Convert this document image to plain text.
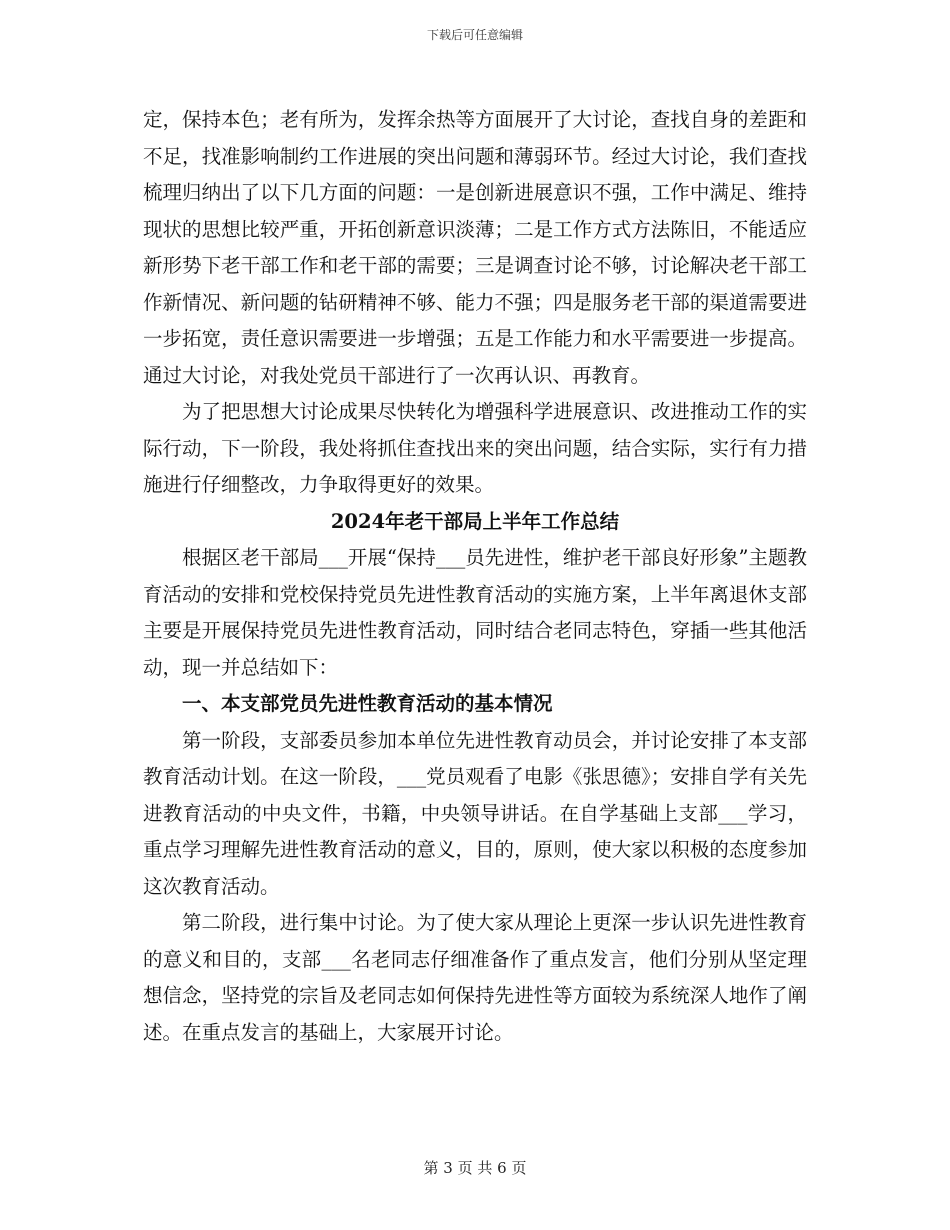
下载后可任意编辑

定，保持本色；老有所为，发挥余热等方面展开了大讨论，查找自身的差距和不足，找准影响制约工作进展的突出问题和薄弱环节。经过大讨论，我们查找梳理归纳出了以下几方面的问题：一是创新进展意识不强，工作中满足、维持现状的思想比较严重，开拓创新意识淡薄；二是工作方式方法陈旧，不能适应新形势下老干部工作和老干部的需要；三是调查讨论不够，讨论解决老干部工作新情况、新问题的钻研精神不够、能力不强；四是服务老干部的渠道需要进一步拓宽，责任意识需要进一步增强；五是工作能力和水平需要进一步提高。通过大讨论，对我处党员干部进行了一次再认识、再教育。

为了把思想大讨论成果尽快转化为增强科学进展意识、改进推动工作的实际行动，下一阶段，我处将抓住查找出来的突出问题，结合实际，实行有力措施进行仔细整改，力争取得更好的效果。

2024年老干部局上半年工作总结

根据区老干部局___开展“保持___员先进性，维护老干部良好形象”主题教育活动的安排和党校保持党员先进性教育活动的实施方案，上半年离退休支部主要是开展保持党员先进性教育活动，同时结合老同志特色，穿插一些其他活动，现一并总结如下：

一、本支部党员先进性教育活动的基本情况

第一阶段，支部委员参加本单位先进性教育动员会，并讨论安排了本支部教育活动计划。在这一阶段，___党员观看了电影《张思德》；安排自学有关先进教育活动的中央文件，书籍，中央领导讲话。在自学基础上支部___学习，重点学习理解先进性教育活动的意义，目的，原则，使大家以积极的态度参加这次教育活动。

第二阶段，进行集中讨论。为了使大家从理论上更深一步认识先进性教育的意义和目的，支部___名老同志仔细准备作了重点发言，他们分别从坚定理想信念，坚持党的宗旨及老同志如何保持先进性等方面较为系统深人地作了阐述。在重点发言的基础上，大家展开讨论。

第 3 页 共 6 页
